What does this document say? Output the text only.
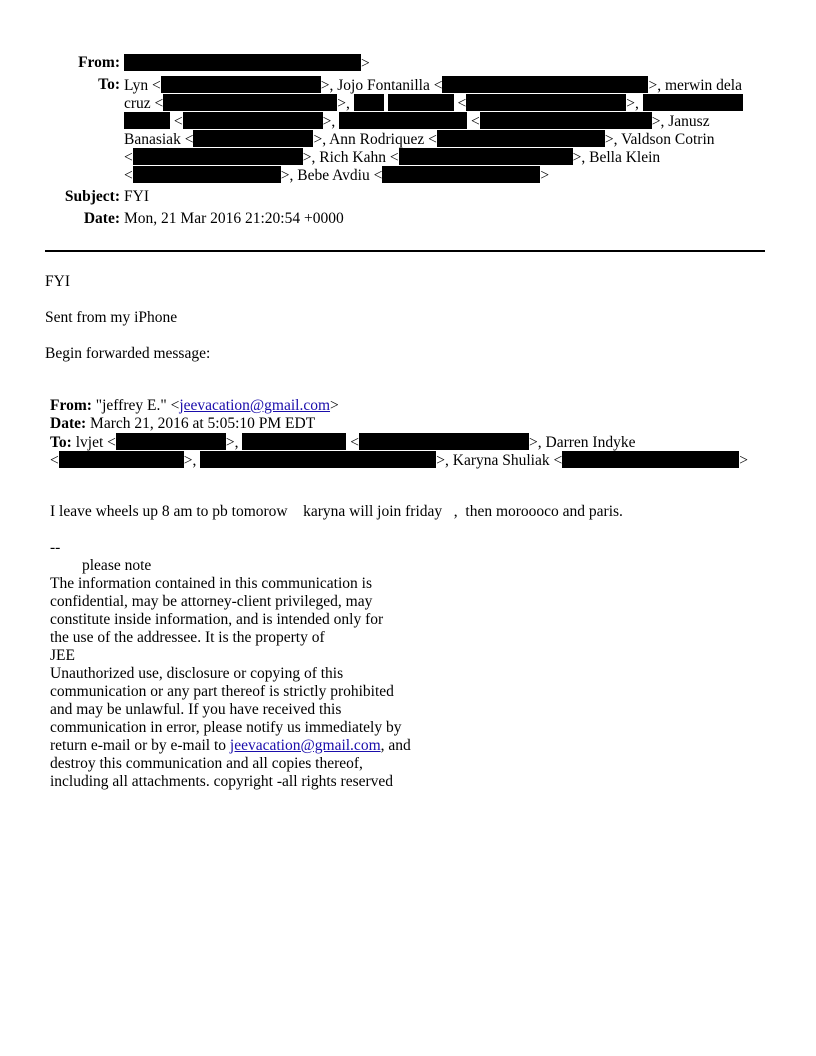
From:	>
To: Lyn <	>, Jojo Fontanilla <	>, merwin dela
cruz <	>,	<	>,
<	>,	<	>, Janusz
Banasiak <	>, Ann Rodriquez <	>, Valdson Cotrin
<	>, Rich Kahn <	>, Bella Klein
<	>, Bebe Avdiu <	>
Subject: FYI
Date: Mon, 21 Mar 2016 21:20:54 +0000
FYI
Sent from my iPhone
Begin forwarded message:
From: "jeffrey E." <jeevacation@gmail.com>
Date: March 21, 2016 at 5:05:10 PM EDT
To: lvjet <	>,	<	>, Darren Indyke
<	>,	>, Karyna Shuliak <	>
I leave wheels up 8 am to pb tomorow    karyna will join friday   ,  then moroooco and paris.
--
please note
The information contained in this communication is
confidential, may be attorney-client privileged, may
constitute inside information, and is intended only for
the use of the addressee. It is the property of
JEE
Unauthorized use, disclosure or copying of this
communication or any part thereof is strictly prohibited
and may be unlawful. If you have received this
communication in error, please notify us immediately by
return e-mail or by e-mail to jeevacation@gmail.com, and
destroy this communication and all copies thereof,
including all attachments. copyright -all rights reserved
